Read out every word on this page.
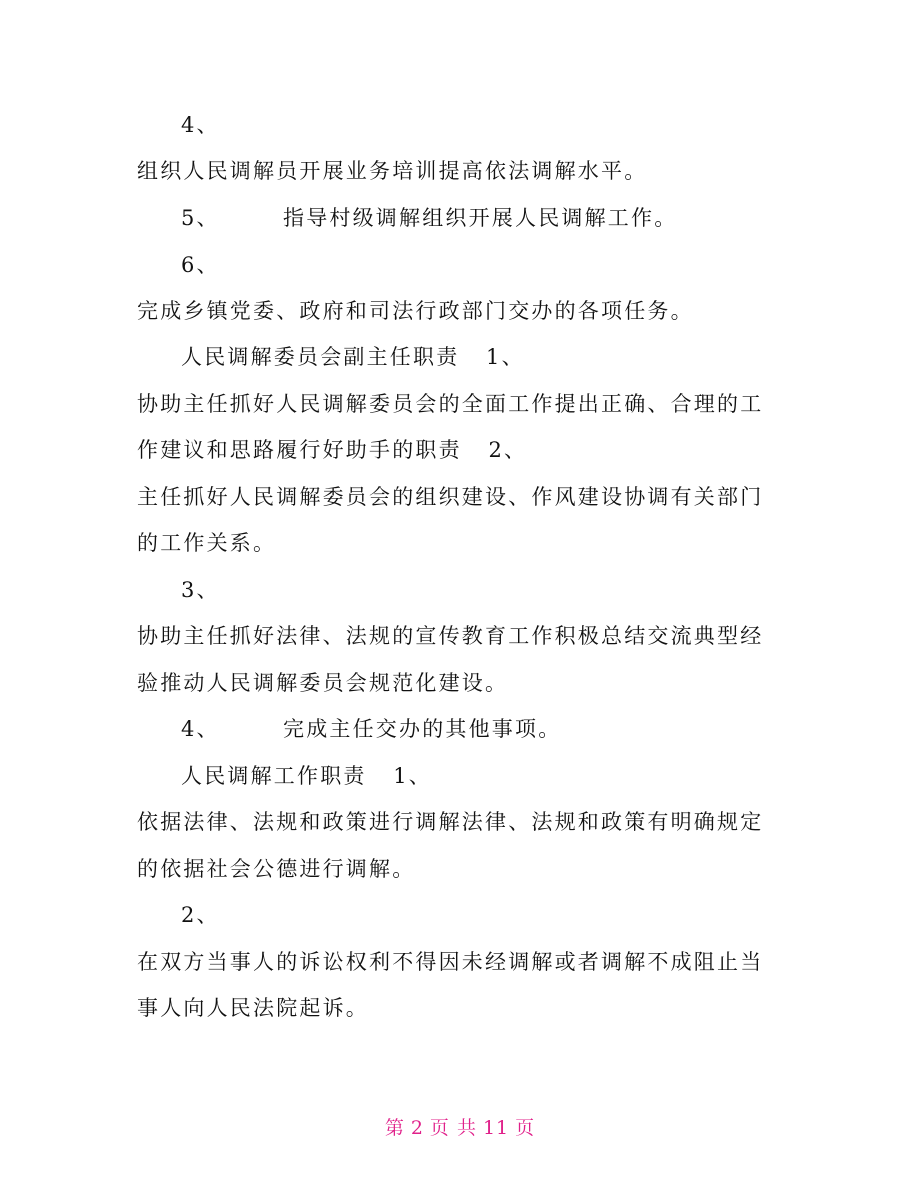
4、
组织人民调解员开展业务培训提高依法调解水平。
5、	指导村级调解组织开展人民调解工作。
6、
完成乡镇党委、政府和司法行政部门交办的各项任务。
人民调解委员会副主任职责 1、
协助主任抓好人民调解委员会的全面工作提出正确、合理的工
作建议和思路履行好助手的职责 2、
主任抓好人民调解委员会的组织建设、作风建设协调有关部门
的工作关系。
3、
协助主任抓好法律、法规的宣传教育工作积极总结交流典型经
验推动人民调解委员会规范化建设。
4、	完成主任交办的其他事项。
人民调解工作职责 1、
依据法律、法规和政策进行调解法律、法规和政策有明确规定
的依据社会公德进行调解。
2、
在双方当事人的诉讼权利不得因未经调解或者调解不成阻止当
事人向人民法院起诉。
第 2 页 共 11 页
